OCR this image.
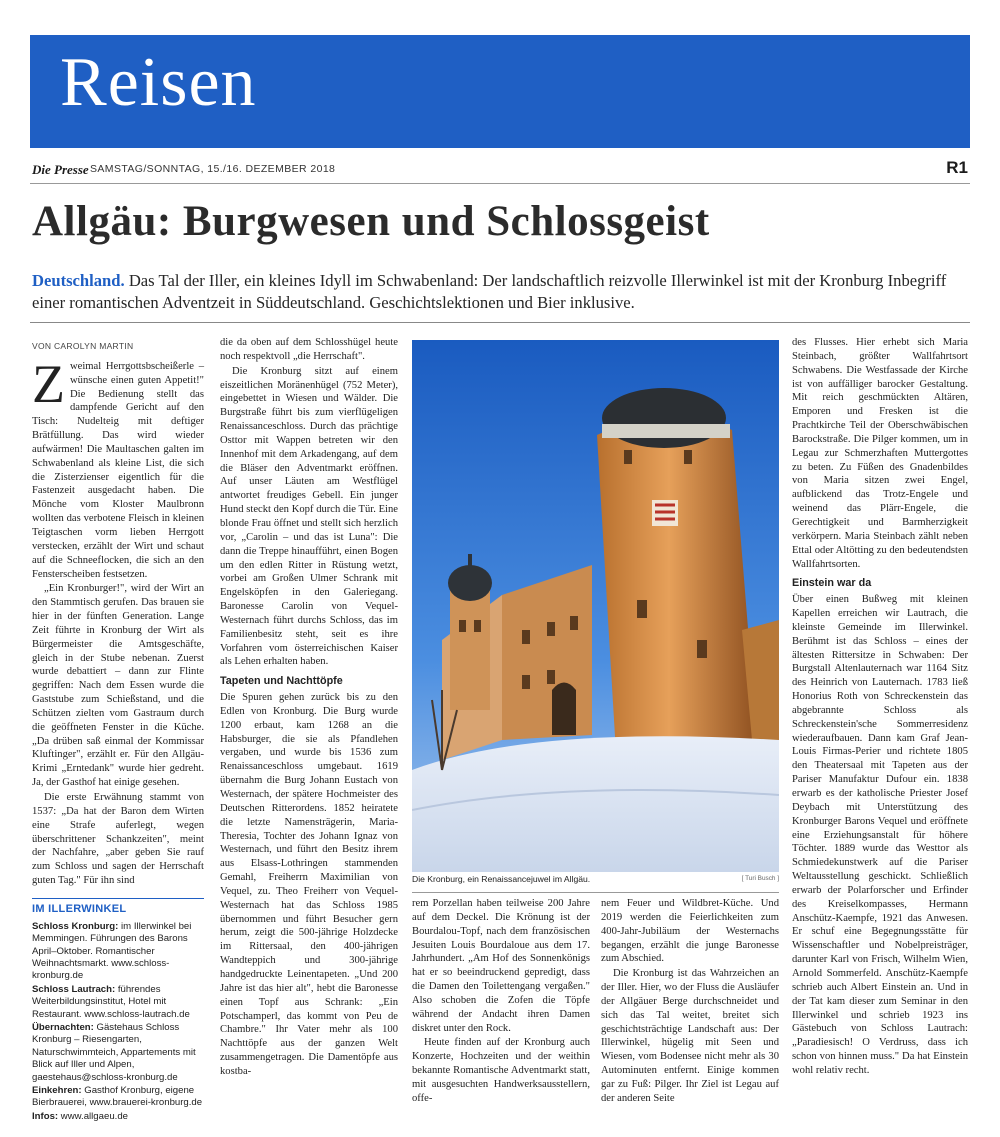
Reisen
Die Presse SAMSTAG/SONNTAG, 15./16. DEZEMBER 2018	R1
Allgäu: Burgwesen und Schlossgeist
Deutschland. Das Tal der Iller, ein kleines Idyll im Schwabenland: Der landschaftlich reizvolle Illerwinkel ist mit der Kronburg Inbegriff einer romantischen Adventzeit in Süddeutschland. Geschichtslektionen und Bier inklusive.
VON CAROLYN MARTIN

Zweimal Herrgottsbscheißerle – wünsche einen guten Appetit!" Die Bedienung stellt das dampfende Gericht auf den Tisch: Nudelteig mit deftiger Brätfüllung. Das wird wieder aufwärmen! Die Maultaschen galten im Schwabenland als kleine List, die sich die Zisterzienser eigentlich für die Fastenzeit ausgedacht haben. Die Mönche vom Kloster Maulbronn wollten das verbotene Fleisch in kleinen Teigtaschen vorm lieben Herrgott verstecken, erzählt der Wirt und schaut auf die Schneeflocken, die sich an den Fensterscheiben festsetzen.

„Ein Kronburger!", wird der Wirt an den Stammtisch gerufen. Das brauen sie hier in der fünften Generation. Lange Zeit führte in Kronburg der Wirt als Bürgermeister die Amtsgeschäfte, gleich in der Stube nebenan. Zuerst wurde debattiert – dann zur Flinte gegriffen: Nach dem Essen wurde die Gaststube zum Schießstand, und die Schützen zielten vom Gastraum durch die geöffneten Fenster in die Küche. „Da drüben saß einmal der Kommissar Kluftinger", erzählt er. Für den Allgäu-Krimi „Erntedank" wurde hier gedreht. Ja, der Gasthof hat einige gesehen.

Die erste Erwähnung stammt von 1537: „Da hat der Baron dem Wirten eine Strafe auferlegt, wegen überschrittener Schankzeiten", meint der Nachfahre, „aber geben Sie rauf zum Schloss und sagen der Herrschaft guten Tag." Für ihn sind

IM ILLERWINKEL
Schloss Kronburg: im Illerwinkel bei Memmingen. Führungen des Barons April–Oktober. Romantischer Weihnachtsmarkt. www.schloss-kronburg.de
Schloss Lautrach: führendes Weiterbildungsinstitut, Hotel mit Restaurant. www.schloss-lautrach.de
Übernachten: Gästehaus Schloss Kronburg – Riesengarten, Naturschwimmteich, Appartements mit Blick auf Iller und Alpen, gaestehaus@schloss-kronburg.de
Einkehren: Gasthof Kronburg, eigene Bierbrauerei, www.brauerei-kronburg.de
Infos: www.allgaeu.de

die da oben auf dem Schlosshügel heute noch respektvoll „die Herrschaft".

Die Kronburg sitzt auf einem eiszeitlichen Moränenhügel (752 Meter), eingebettet in Wiesen und Wälder. Die Burgstraße führt bis zum vierflügeligen Renaissanceschloss. Durch das prächtige Osttor mit Wappen betreten wir den Innenhof mit dem Arkadengang, auf dem die Bläser den Adventmarkt eröffnen. Auf unser Läuten am Westflügel antwortet freudiges Gebell. Ein junger Hund steckt den Kopf durch die Tür. Eine blonde Frau öffnet und stellt sich herzlich vor, „Carolin – und das ist Luna": Die dann die Treppe hinaufführt, einen Bogen um den edlen Ritter in Rüstung wetzt, vorbei am Großen Ulmer Schrank mit Engelsköpfen in den Galeriegang. Baronesse Carolin von Vequel-Westernach führt durchs Schloss, das im Familienbesitz steht, seit es ihre Vorfahren vom österreichischen Kaiser als Lehen erhalten haben.

Tapeten und Nachttöpfe

Die Spuren gehen zurück bis zu den Edlen von Kronburg. Die Burg wurde 1200 erbaut, kam 1268 an die Habsburger, die sie als Pfandlehen vergaben, und wurde bis 1536 zum Renaissanceschloss umgebaut. 1619 übernahm die Burg Johann Eustach von Westernach, der spätere Hochmeister des Deutschen Ritterordens. 1852 heiratete die letzte Namensträgerin, Maria-Theresia, Tochter des Johann Ignaz von Westernach, und führt den Besitz ihrem aus Elsass-Lothringen stammenden Gemahl, Freiherrn Maximilian von Vequel, zu. Theo Freiherr von Vequel-Westernach hat das Schloss 1985 übernommen und führt Besucher gern herum, zeigt die 500-jährige Holzdecke im Rittersaal, den 400-jährigen Wandteppich und 300-jährige handgedruckte Leinentapeten. „Und 200 Jahre ist das hier alt", hebt die Baronesse einen Topf aus Schrank: „Ein Potschamperl, das kommt von Peu de Chambre." Ihr Vater mehr als 100 Nachttöpfe aus der ganzen Welt zusammengetragen. Die Damentöpfe aus kostba-

Die Kronburg, ein Renaissancejuwel im Allgäu.	[ Turi Busch ]

rem Porzellan haben teilweise 200 Jahre auf dem Deckel. Die Krönung ist der Bourdalou-Topf, nach dem französischen Jesuiten Louis Bourdaloue aus dem 17. Jahrhundert. „Am Hof des Sonnenkönigs hat er so beeindruckend gepredigt, dass die Damen den Toilettengang vergaßen." Also schoben die Zofen die Töpfe während der Andacht ihren Damen diskret unter den Rock.

Heute finden auf der Kronburg auch Konzerte, Hochzeiten und der weithin bekannte Romantische Adventmarkt statt, mit ausgesuchten Handwerksausstellern, offe-

nem Feuer und Wildbret-Küche. Und 2019 werden die Feierlichkeiten zum 400-Jahr-Jubiläum der Westernachs begangen, erzählt die junge Baronesse zum Abschied.

Die Kronburg ist das Wahrzeichen an der Iller. Hier, wo der Fluss die Ausläufer der Allgäuer Berge durchschneidet und sich das Tal weitet, breitet sich geschichtsträchtige Landschaft aus: Der Illerwinkel, hügelig mit Seen und Wiesen, vom Bodensee nicht mehr als 30 Autominuten entfernt. Einige kommen gar zu Fuß: Pilger. Ihr Ziel ist Legau auf der anderen Seite

des Flusses. Hier erhebt sich Maria Steinbach, größter Wallfahrtsort Schwabens. Die Westfassade der Kirche ist von auffälliger barocker Gestaltung. Mit reich geschmückten Altären, Emporen und Fresken ist die Prachtkirche Teil der Oberschwäbischen Barockstraße. Die Pilger kommen, um in Legau zur Schmerzhaften Muttergottes zu beten. Zu Füßen des Gnadenbildes von Maria sitzen zwei Engel, aufblickend das Trotz-Engele und weinend das Plärr-Engele, die Gerechtigkeit und Barmherzigkeit verkörpern. Maria Steinbach zählt neben Ettal oder Altötting zu den bedeutendsten Wallfahrtsorten.

Einstein war da

Über einen Bußweg mit kleinen Kapellen erreichen wir Lautrach, die kleinste Gemeinde im Illerwinkel. Berühmt ist das Schloss – eines der ältesten Rittersitze in Schwaben: Der Burgstall Altenlauternach war 1164 Sitz des Heinrich von Lauternach. 1783 ließ Honorius Roth von Schreckenstein das abgebrannte Schloss als Schreckenstein'sche Sommerresidenz wiederaufbauen. Dann kam Graf Jean-Louis Firmas-Perier und richtete 1805 den Theatersaal mit Tapeten aus der Pariser Manufaktur Dufour ein. 1838 erwarb es der katholische Priester Josef Deybach mit Unterstützung des Kronburger Barons Vequel und eröffnete eine Erziehungsanstalt für höhere Töchter. 1889 wurde das Westtor als Schmiedekunstwerk auf die Pariser Weltausstellung geschickt. Schließlich erwarb der Polarforscher und Erfinder des Kreiselkompasses, Hermann Anschütz-Kaempfe, 1921 das Anwesen. Er schuf eine Begegnungsstätte für Wissenschaftler und Nobelpreisträger, darunter Karl von Frisch, Wilhelm Wien, Arnold Sommerfeld. Anschütz-Kaempfe schrieb auch Albert Einstein an. Und in der Tat kam dieser zum Seminar in den Illerwinkel und schrieb 1923 ins Gästebuch von Schloss Lautrach: „Paradiesisch! O Verdruss, dass ich schon von hinnen muss." Da hat Einstein wohl relativ recht.
